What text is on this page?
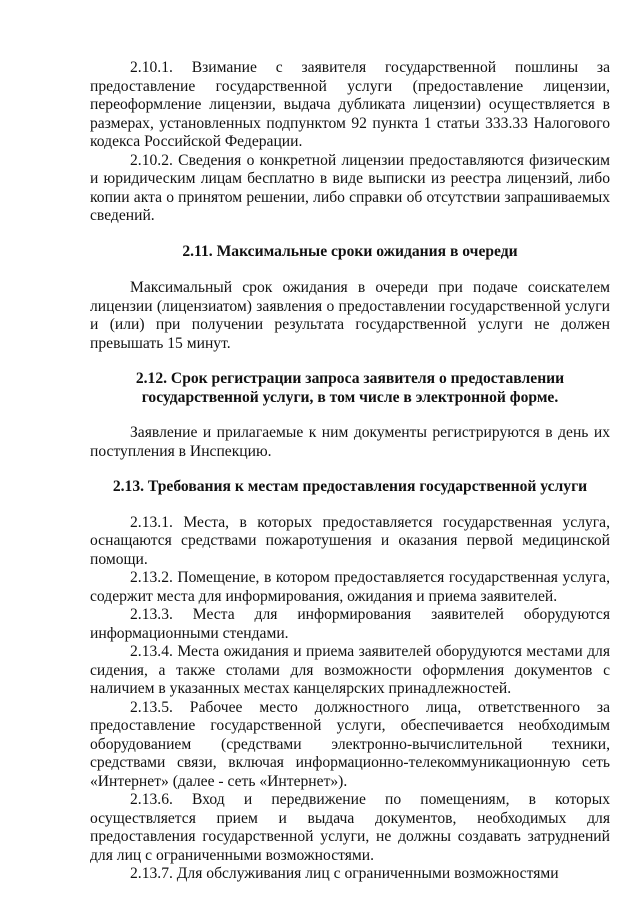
2.10.1. Взимание с заявителя государственной пошлины за предоставление государственной услуги (предоставление лицензии, переоформление лицензии, выдача дубликата лицензии) осуществляется в размерах, установленных подпунктом 92 пункта 1 статьи 333.33 Налогового кодекса Российской Федерации.

2.10.2. Сведения о конкретной лицензии предоставляются физическим и юридическим лицам бесплатно в виде выписки из реестра лицензий, либо копии акта о принятом решении, либо справки об отсутствии запрашиваемых сведений.

2.11. Максимальные сроки ожидания в очереди

Максимальный срок ожидания в очереди при подаче соискателем лицензии (лицензиатом) заявления о предоставлении государственной услуги и (или) при получении результата государственной услуги не должен превышать 15 минут.

2.12. Срок регистрации запроса заявителя о предоставлении

государственной услуги, в том числе в электронной форме.

Заявление и прилагаемые к ним документы регистрируются в день их поступления в Инспекцию.

2.13. Требования к местам предоставления государственной услуги

2.13.1. Места, в которых предоставляется государственная услуга, оснащаются средствами пожаротушения и оказания первой медицинской помощи.

2.13.2. Помещение, в котором предоставляется государственная услуга, содержит места для информирования, ожидания и приема заявителей.

2.13.3. Места для информирования заявителей оборудуются информационными стендами.

2.13.4. Места ожидания и приема заявителей оборудуются местами для сидения, а также столами для возможности оформления документов с наличием в указанных местах канцелярских принадлежностей.

2.13.5. Рабочее место должностного лица, ответственного за предоставление государственной услуги, обеспечивается необходимым оборудованием (средствами электронно-вычислительной техники, средствами связи, включая информационно-телекоммуникационную сеть «Интернет» (далее - сеть «Интернет»).

2.13.6. Вход и передвижение по помещениям, в которых осуществляется прием и выдача документов, необходимых для предоставления государственной услуги, не должны создавать затруднений для лиц с ограниченными возможностями.

2.13.7. Для обслуживания лиц с ограниченными возможностями
